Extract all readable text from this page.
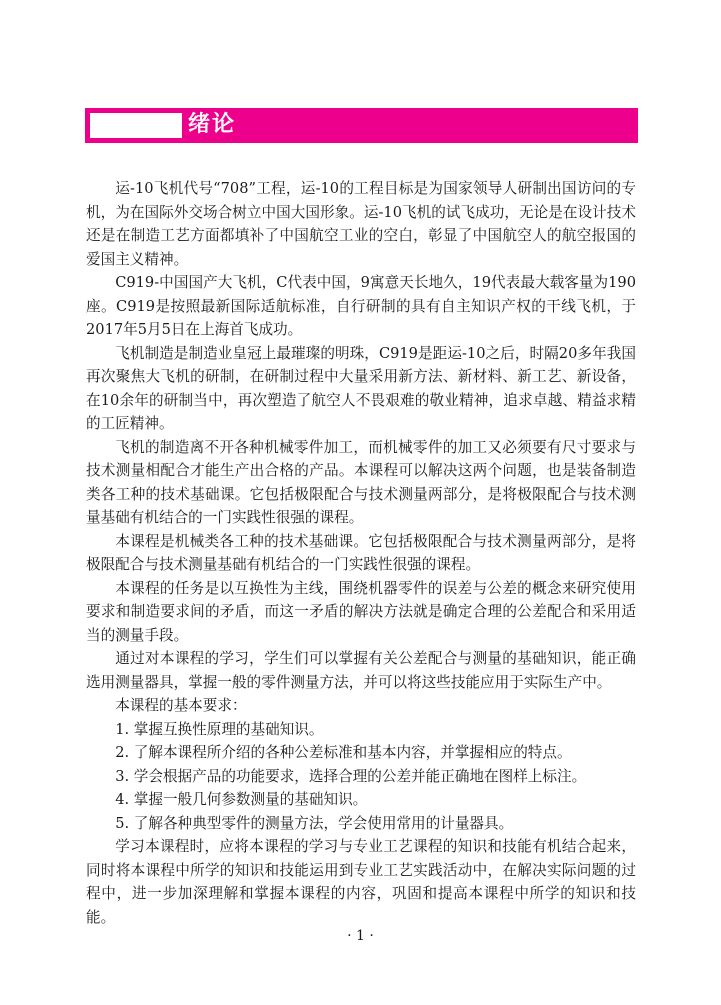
绪论

运-10飞机代号“708”工程，运-10的工程目标是为国家领导人研制出国访问的专机，为在国际外交场合树立中国大国形象。运-10飞机的试飞成功，无论是在设计技术还是在制造工艺方面都填补了中国航空工业的空白，彰显了中国航空人的航空报国的爱国主义精神。

C919-中国国产大飞机，C代表中国，9寓意天长地久，19代表最大载客量为190座。C919是按照最新国际适航标准，自行研制的具有自主知识产权的干线飞机，于2017年5月5日在上海首飞成功。

飞机制造是制造业皇冠上最璀璨的明珠，C919是距运-10之后，时隔20多年我国再次聚焦大飞机的研制，在研制过程中大量采用新方法、新材料、新工艺、新设备，在10余年的研制当中，再次塑造了航空人不畏艰难的敬业精神，追求卓越、精益求精的工匠精神。

飞机的制造离不开各种机械零件加工，而机械零件的加工又必须要有尺寸要求与技术测量相配合才能生产出合格的产品。本课程可以解决这两个问题，也是装备制造类各工种的技术基础课。它包括极限配合与技术测量两部分，是将极限配合与技术测量基础有机结合的一门实践性很强的课程。

本课程是机械类各工种的技术基础课。它包括极限配合与技术测量两部分，是将极限配合与技术测量基础有机结合的一门实践性很强的课程。

本课程的任务是以互换性为主线，围绕机器零件的误差与公差的概念来研究使用要求和制造要求间的矛盾，而这一矛盾的解决方法就是确定合理的公差配合和采用适当的测量手段。

通过对本课程的学习，学生们可以掌握有关公差配合与测量的基础知识，能正确选用测量器具，掌握一般的零件测量方法，并可以将这些技能应用于实际生产中。

本课程的基本要求：

1. 掌握互换性原理的基础知识。

2. 了解本课程所介绍的各种公差标准和基本内容，并掌握相应的特点。

3. 学会根据产品的功能要求，选择合理的公差并能正确地在图样上标注。

4. 掌握一般几何参数测量的基础知识。

5. 了解各种典型零件的测量方法，学会使用常用的计量器具。

学习本课程时，应将本课程的学习与专业工艺课程的知识和技能有机结合起来，同时将本课程中所学的知识和技能运用到专业工艺实践活动中，在解决实际问题的过程中，进一步加深理解和掌握本课程的内容，巩固和提高本课程中所学的知识和技能。

· 1 ·
